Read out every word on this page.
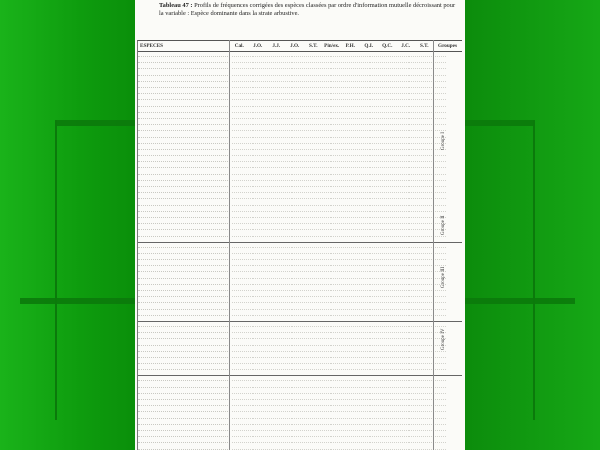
Tableau 47 : Profils de fréquences corrigées des espèces classées par ordre d'information mutuelle décroissant pour la variable : Espèce dominante dans la strate arbustive.
ESPECES	Cal.	J.O.	J.J.	J.O.	S.T.	Pin/ex.	P.H.	Q.I.	Q.C.	J.C.	S.T.	Groupes
Groupe I
Groupe II
Groupe III
Groupe IV
